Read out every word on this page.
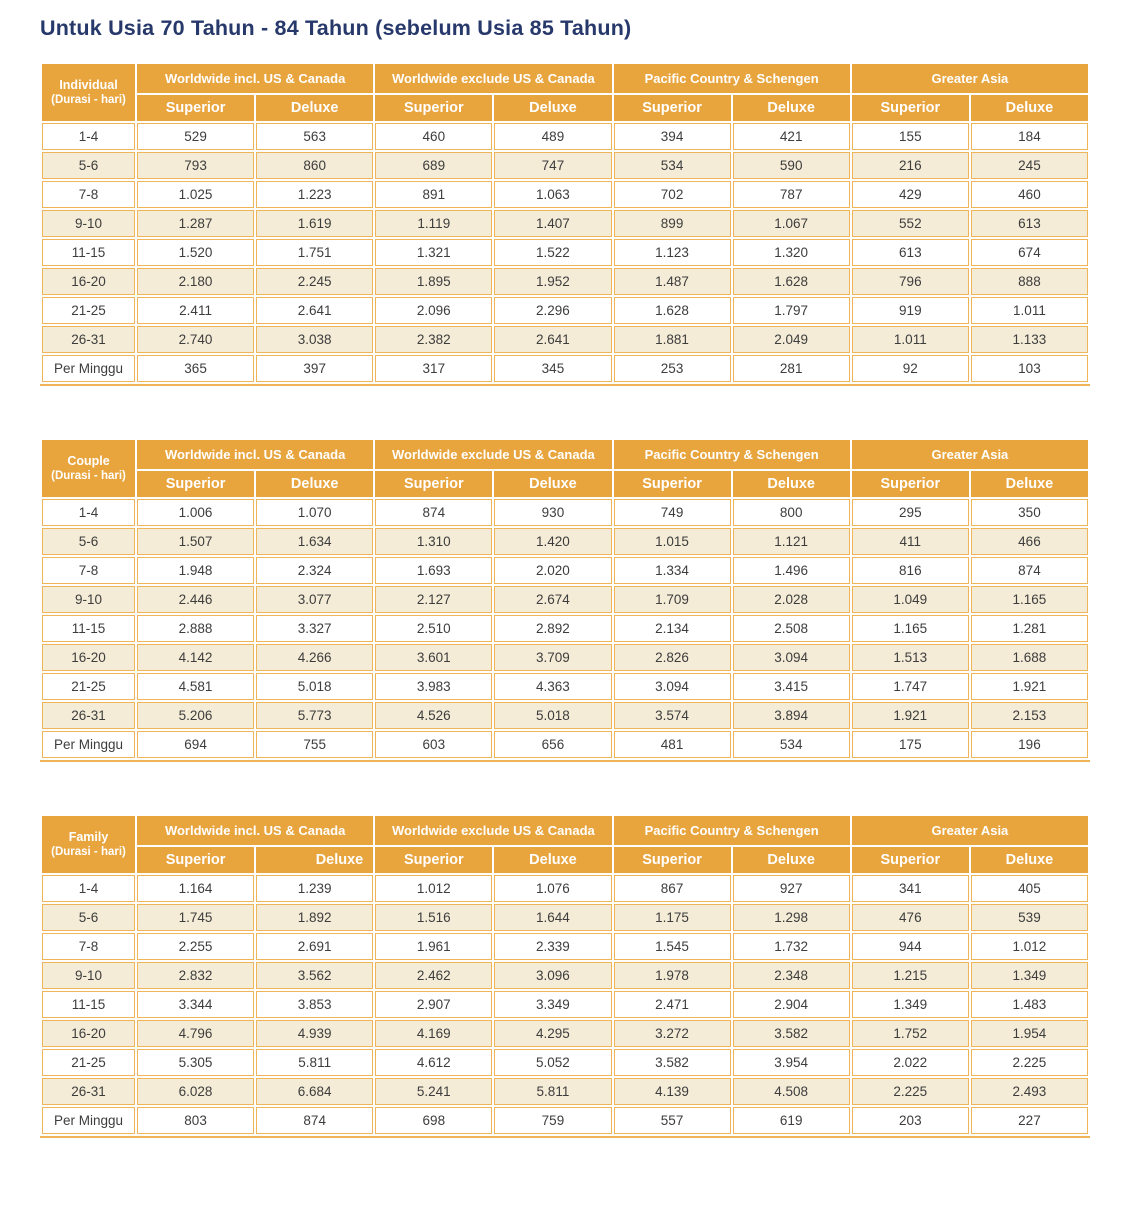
Untuk Usia 70 Tahun - 84 Tahun (sebelum Usia 85 Tahun)
Individual
(Durasi - hari)	Worldwide incl. US & Canada		Worldwide exclude US & Canada		Pacific Country & Schengen		Greater Asia	
	Superior	Deluxe	Superior	Deluxe	Superior	Deluxe	Superior	Deluxe
1-4	529	563	460	489	394	421	155	184
5-6	793	860	689	747	534	590	216	245
7-8	1.025	1.223	891	1.063	702	787	429	460
9-10	1.287	1.619	1.119	1.407	899	1.067	552	613
11-15	1.520	1.751	1.321	1.522	1.123	1.320	613	674
16-20	2.180	2.245	1.895	1.952	1.487	1.628	796	888
21-25	2.411	2.641	2.096	2.296	1.628	1.797	919	1.011
26-31	2.740	3.038	2.382	2.641	1.881	2.049	1.011	1.133
Per Minggu	365	397	317	345	253	281	92	103
Couple
(Durasi - hari)	Worldwide incl. US & Canada		Worldwide exclude US & Canada		Pacific Country & Schengen		Greater Asia	
	Superior	Deluxe	Superior	Deluxe	Superior	Deluxe	Superior	Deluxe
1-4	1.006	1.070	874	930	749	800	295	350
5-6	1.507	1.634	1.310	1.420	1.015	1.121	411	466
7-8	1.948	2.324	1.693	2.020	1.334	1.496	816	874
9-10	2.446	3.077	2.127	2.674	1.709	2.028	1.049	1.165
11-15	2.888	3.327	2.510	2.892	2.134	2.508	1.165	1.281
16-20	4.142	4.266	3.601	3.709	2.826	3.094	1.513	1.688
21-25	4.581	5.018	3.983	4.363	3.094	3.415	1.747	1.921
26-31	5.206	5.773	4.526	5.018	3.574	3.894	1.921	2.153
Per Minggu	694	755	603	656	481	534	175	196
Family
(Durasi - hari)	Worldwide incl. US & Canada		Worldwide exclude US & Canada		Pacific Country & Schengen		Greater Asia	
	Superior	Deluxe	Superior	Deluxe	Superior	Deluxe	Superior	Deluxe
1-4	1.164	1.239	1.012	1.076	867	927	341	405
5-6	1.745	1.892	1.516	1.644	1.175	1.298	476	539
7-8	2.255	2.691	1.961	2.339	1.545	1.732	944	1.012
9-10	2.832	3.562	2.462	3.096	1.978	2.348	1.215	1.349
11-15	3.344	3.853	2.907	3.349	2.471	2.904	1.349	1.483
16-20	4.796	4.939	4.169	4.295	3.272	3.582	1.752	1.954
21-25	5.305	5.811	4.612	5.052	3.582	3.954	2.022	2.225
26-31	6.028	6.684	5.241	5.811	4.139	4.508	2.225	2.493
Per Minggu	803	874	698	759	557	619	203	227
